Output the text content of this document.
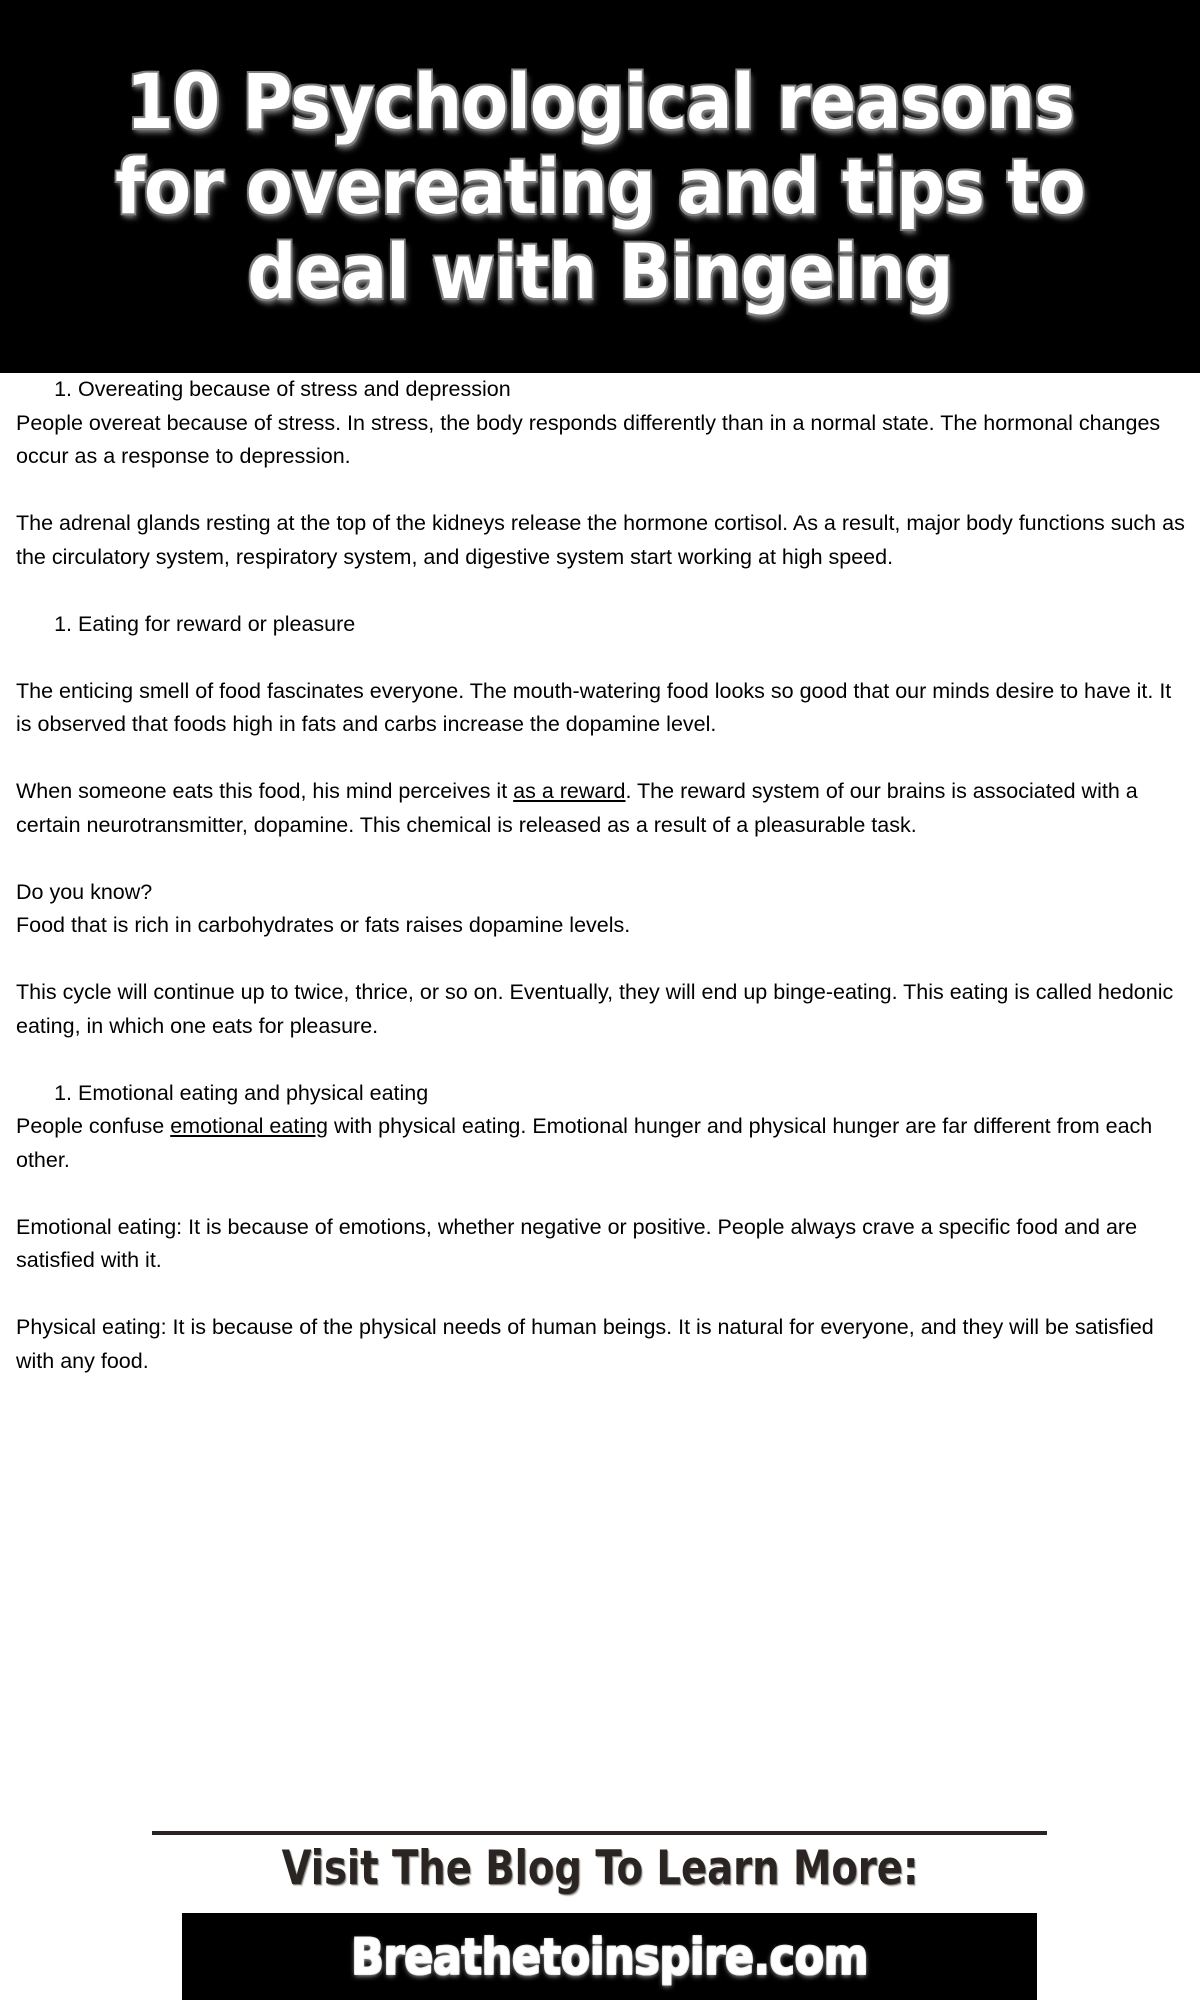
10 Psychological reasons for overeating and tips to deal with Bingeing
1. Overeating because of stress and depression

People overeat because of stress. In stress, the body responds differently than in a normal state. The hormonal changes occur as a response to depression.

The adrenal glands resting at the top of the kidneys release the hormone cortisol. As a result, major body functions such as the circulatory system, respiratory system, and digestive system start working at high speed.

1. Eating for reward or pleasure

The enticing smell of food fascinates everyone. The mouth-watering food looks so good that our minds desire to have it. It is observed that foods high in fats and carbs increase the dopamine level.

When someone eats this food, his mind perceives it as a reward. The reward system of our brains is associated with a certain neurotransmitter, dopamine. This chemical is released as a result of a pleasurable task.

Do you know?

Food that is rich in carbohydrates or fats raises dopamine levels.

This cycle will continue up to twice, thrice, or so on. Eventually, they will end up binge-eating. This eating is called hedonic eating, in which one eats for pleasure.

1. Emotional eating and physical eating

People confuse emotional eating with physical eating. Emotional hunger and physical hunger are far different from each other.

Emotional eating: It is because of emotions, whether negative or positive. People always crave a specific food and are satisfied with it.

Physical eating: It is because of the physical needs of human beings. It is natural for everyone, and they will be satisfied with any food.

Visit The Blog To Learn More:
Breathetoinspire.com
